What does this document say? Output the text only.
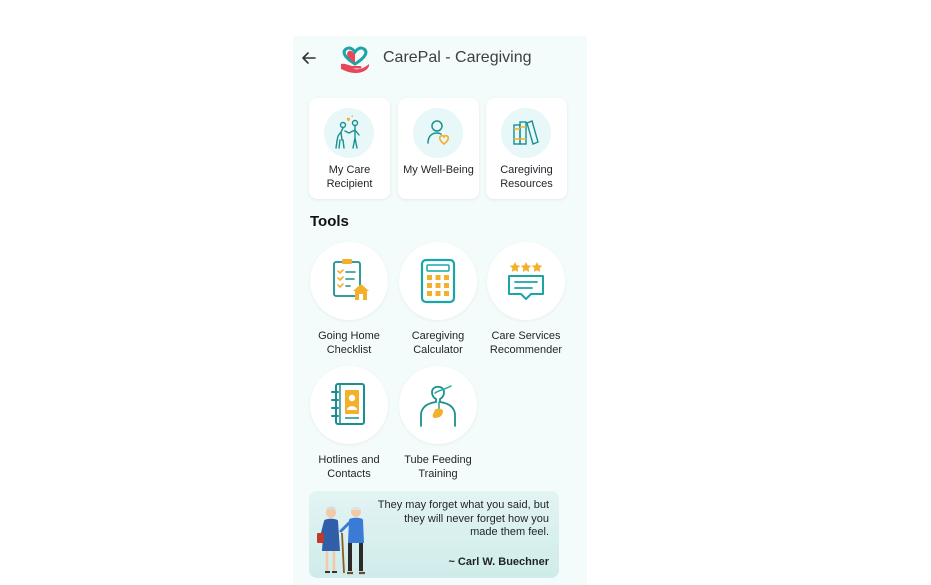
CarePal - Caregiving
My Care Recipient
My Well-Being	Caregiving Resources
Tools
Going Home Checklist
Caregiving Calculator
Care Services Recommender
Hotlines and Contacts
Tube Feeding Training
They may forget what you said, but they will never forget how you made them feel.
~ Carl W. Buechner
